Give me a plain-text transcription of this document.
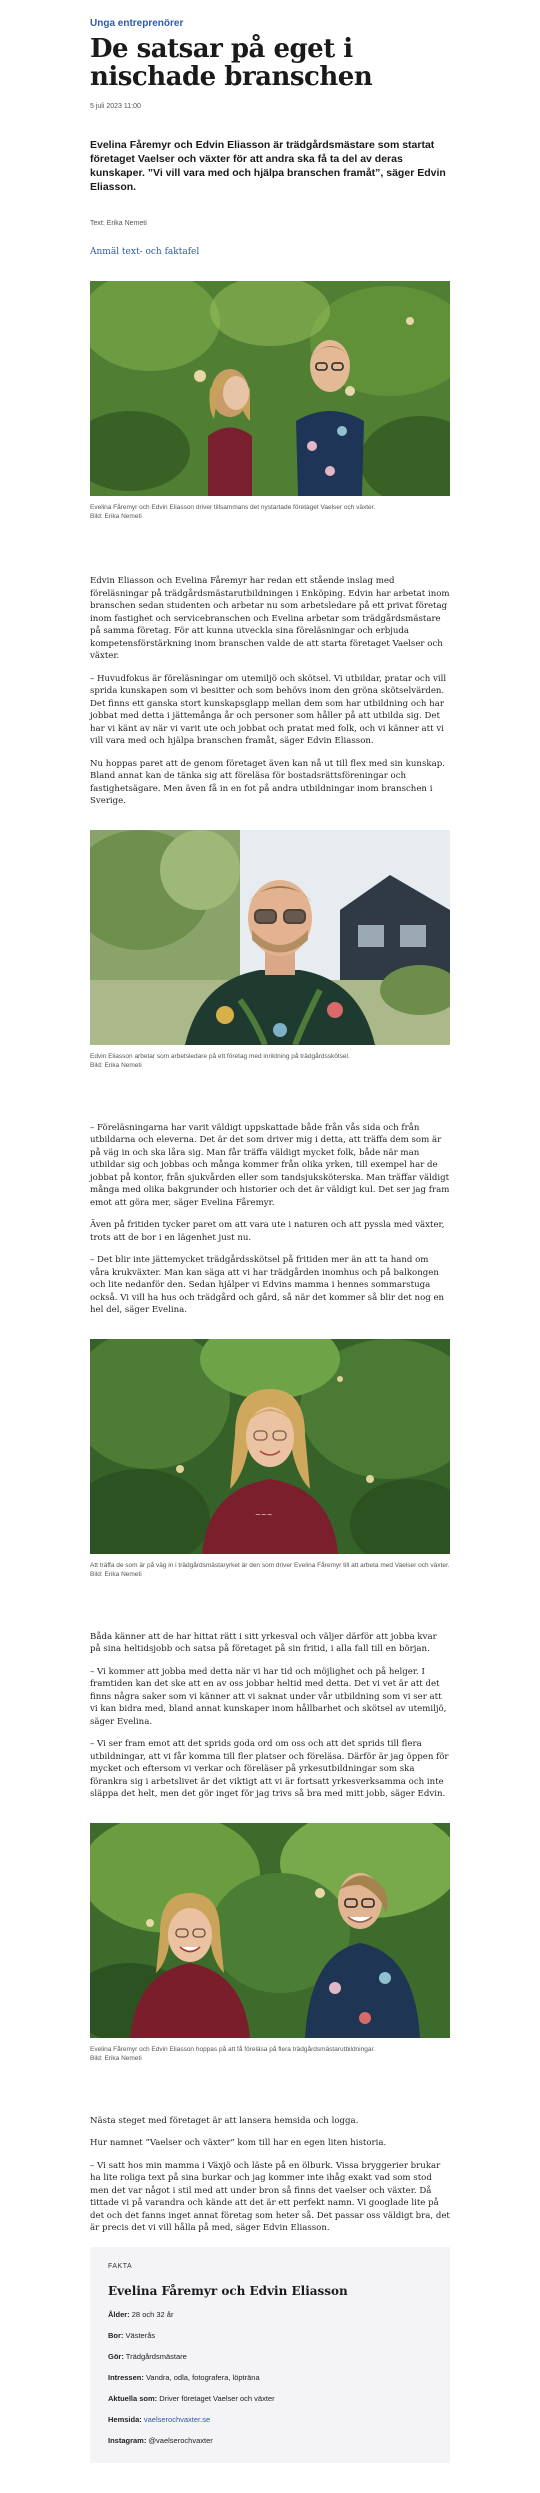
Unga entreprenörer
De satsar på eget i nischade branschen
5 juli 2023 11:00

Evelina Fåremyr och Edvin Eliasson är trädgårdsmästare som startat företaget Vaelser och växter för att andra ska få ta del av deras kunskaper. ”Vi vill vara med och hjälpa branschen framåt”, säger Edvin Eliasson.

Text: Erika Nemeti
Anmäl text- och faktafel
Evelina Fåremyr och Edvin Eliasson driver tillsammans det nystartade företaget Vaelser och växter.
Bild: Erika Nemeti

Edvin Eliasson och Evelina Fåremyr har redan ett stående inslag med föreläsningar på trädgårdsmästarutbildningen i Enköping. Edvin har arbetat inom branschen sedan studenten och arbetar nu som arbetsledare på ett privat företag inom fastighet och servicebranschen och Evelina arbetar som trädgårdsmästare på samma företag. För att kunna utveckla sina föreläsningar och erbjuda kompetensförstärkning inom branschen valde de att starta företaget Vaelser och växter.

– Huvudfokus är föreläsningar om utemiljö och skötsel. Vi utbildar, pratar och vill sprida kunskapen som vi besitter och som behövs inom den gröna skötselvärden. Det finns ett ganska stort kunskapsglapp mellan dem som har utbildning och har jobbat med detta i jättemånga år och personer som håller på att utbilda sig. Det har vi känt av när vi varit ute och jobbat och pratat med folk, och vi känner att vi vill vara med och hjälpa branschen framåt, säger Edvin Eliasson.

Nu hoppas paret att de genom företaget även kan nå ut till flex med sin kunskap. Bland annat kan de tänka sig att föreläsa för bostadsrättsföreningar och fastighetsägare. Men även få in en fot på andra utbildningar inom branschen i Sverige.

Edvin Eliasson arbetar som arbetsledare på ett företag med inriktning på trädgårdsskötsel.
Bild: Erika Nemeti

– Föreläsningarna har varit väldigt uppskattade både från vås sida och från utbildarna och eleverna. Det är det som driver mig i detta, att träffa dem som är på väg in och ska låra sig. Man får träffa väldigt mycket folk, både när man utbildar sig och jobbas och många kommer från olika yrken, till exempel har de jobbat på kontor, från sjukvården eller som tandsjuksköterska. Man träffar väldigt många med olika bakgrunder och historier och det är väldigt kul. Det ser jag fram emot att göra mer, säger Evelina Fåremyr.

Även på fritiden tycker paret om att vara ute i naturen och att pyssla med växter, trots att de bor i en lägenhet just nu.

– Det blir inte jättemycket trädgårdsskötsel på fritiden mer än att ta hand om våra krukväxter. Man kan säga att vi har trädgården inomhus och på balkongen och lite nedanför den. Sedan hjälper vi Edvins mamma i hennes sommarstuga också. Vi vill ha hus och trädgård och gård, så när det kommer så blir det nog en hel del, säger Evelina.

~~~
Att träffa de som är på väg in i trädgårdsmästaryrket är den som driver Evelina Fåremyr till att arbeta med Vaelser och växter.
Bild: Erika Nemeti

Båda känner att de har hittat rätt i sitt yrkesval och väljer därför att jobba kvar på sina heltidsjobb och satsa på företaget på sin fritid, i alla fall till en början.

– Vi kommer att jobba med detta när vi har tid och möjlighet och på helger. I framtiden kan det ske att en av oss jobbar heltid med detta. Det vi vet är att det finns några saker som vi känner att vi saknat under vår utbildning som vi ser att vi kan bidra med, bland annat kunskaper inom hållbarhet och skötsel av utemiljö, säger Evelina.

– Vi ser fram emot att det sprids goda ord om oss och att det sprids till flera utbildningar, att vi får komma till fler platser och föreläsa. Därför är jag öppen för mycket och eftersom vi verkar och föreläser på yrkesutbildningar som ska förankra sig i arbetslivet är det viktigt att vi är fortsatt yrkesverksamma och inte släppa det helt, men det gör inget för jag trivs så bra med mitt jobb, säger Edvin.

Evelina Fåremyr och Edvin Eliasson hoppas på att få föreläsa på flera trädgårdsmästarutbildningar.
Bild: Erika Nemeti

Nästa steget med företaget är att lansera hemsida och logga.

Hur namnet ”Vaelser och växter” kom till har en egen liten historia.

– Vi satt hos min mamma i Växjö och läste på en ölburk. Vissa bryggerier brukar ha lite roliga text på sina burkar och jag kommer inte ihåg exakt vad som stod men det var något i stil med att under bron så finns det vaelser och växter. Då tittade vi på varandra och kände att det är ett perfekt namn. Vi googlade lite på det och det fanns inget annat företag som heter så. Det passar oss väldigt bra, det är precis det vi vill hålla på med, säger Edvin Eliasson.

FAKTA
Evelina Fåremyr och Edvin Eliasson
Ålder: 28 och 32 år
Bor: Västerås
Gör: Trädgårdsmästare
Intressen: Vandra, odla, fotografera, löpträna
Aktuella som: Driver företaget Vaelser och växter
Hemsida: vaelserochvaxter.se
Instagram: @vaelserochvaxter
